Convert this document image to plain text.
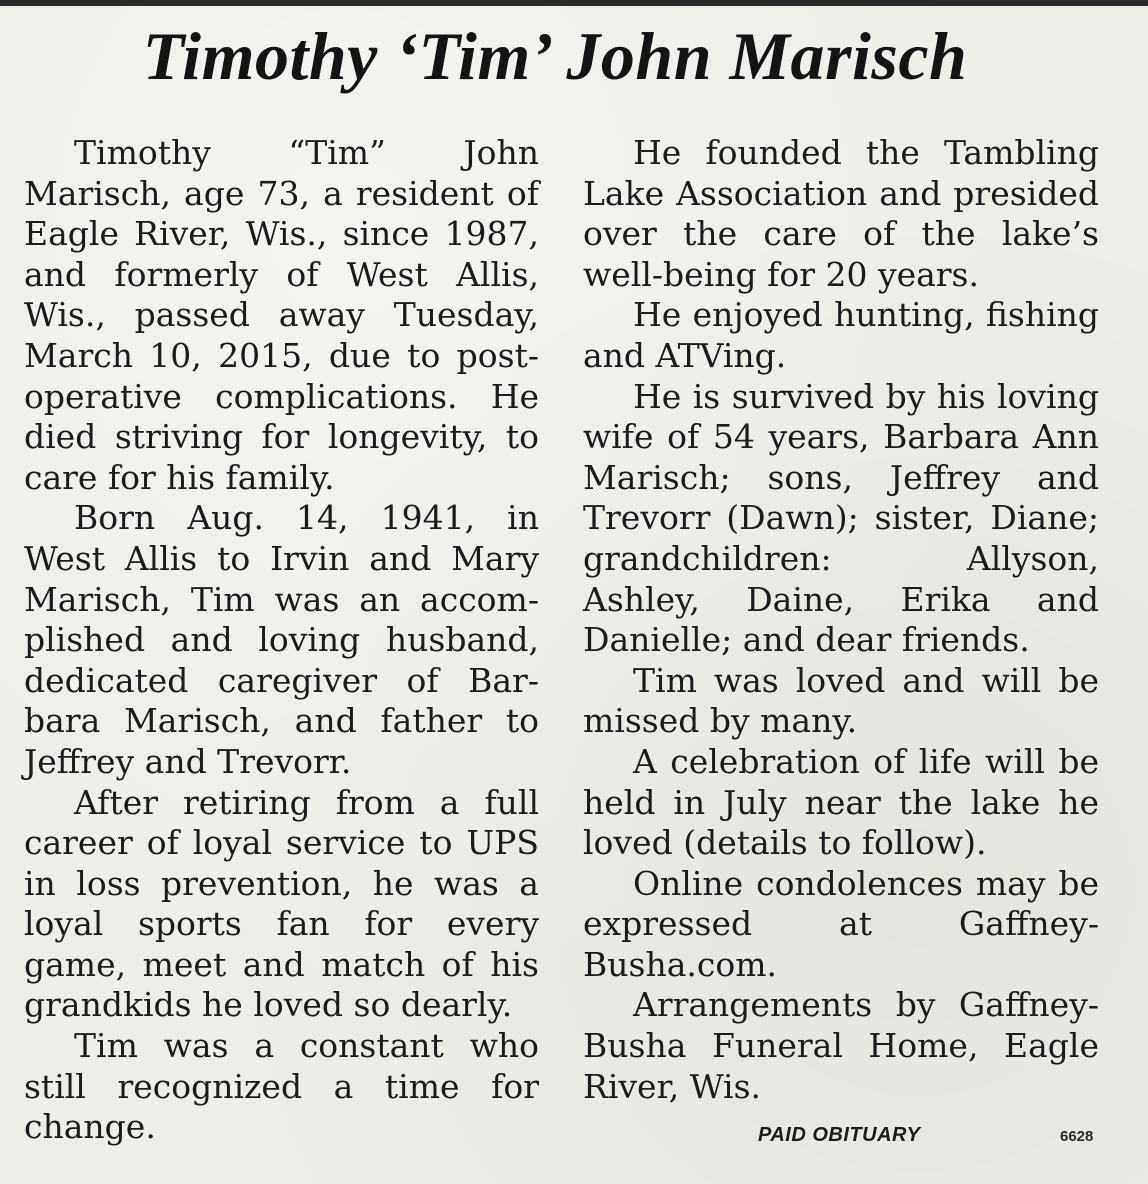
Timothy ‘Tim’ John Marisch

Timothy “Tim” John Marisch, age 73, a resident of Eagle River, Wis., since 1987, and formerly of West Allis, Wis., passed away Tuesday, March 10, 2015, due to post-operative complications. He died striving for longevity, to care for his family.

Born Aug. 14, 1941, in West Allis to Irvin and Mary Marisch, Tim was an accomplished and loving husband, dedicated caregiver of Barbara Marisch, and father to Jeffrey and Trevorr.

After retiring from a full career of loyal service to UPS in loss prevention, he was a loyal sports fan for every game, meet and match of his grandkids he loved so dearly.

Tim was a constant who still recognized a time for change.

He founded the Tambling Lake Association and presided over the care of the lake’s well-being for 20 years.

He enjoyed hunting, fishing and ATVing.

He is survived by his loving wife of 54 years, Barbara Ann Marisch; sons, Jeffrey and Trevorr (Dawn); sister, Diane; grandchildren: Allyson, Ashley, Daine, Erika and Danielle; and dear friends.

Tim was loved and will be missed by many.

A celebration of life will be held in July near the lake he loved (details to follow).

Online condolences may be expressed at Gaffney-Busha.com.

Arrangements by Gaffney-Busha Funeral Home, Eagle River, Wis.

PAID OBITUARY	6628
